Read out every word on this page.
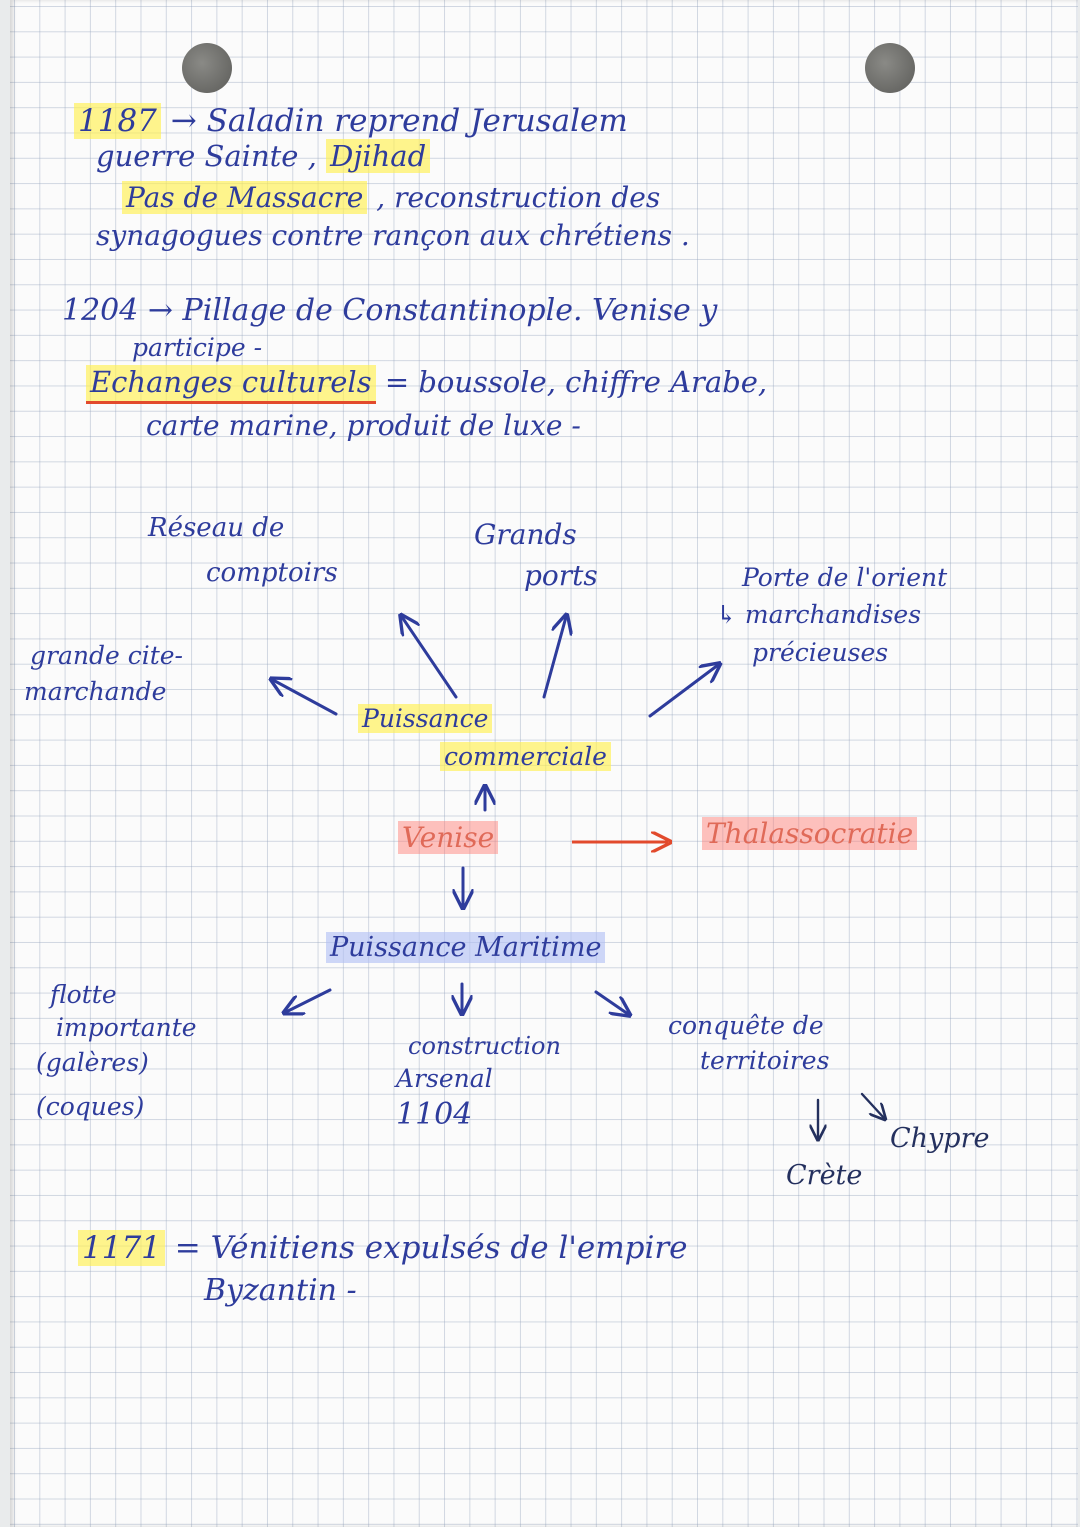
1187 → Saladin reprend Jerusalem
guerre Sainte , Djihad
Pas de Massacre , reconstruction des
synagogues contre rançon aux chrétiens .
1204 → Pillage de Constantinople. Venise y
participe -
Echanges culturels = boussole, chiffre Arabe,
carte marine, produit de luxe -
Réseau de
comptoirs
Grands
ports	Porte de l'orient
↳ marchandises
précieuses
grande cite-
marchande
Puissance
commerciale
Venise	Thalassocratie
Puissance Maritime
flotte
importante
(galères)
(coques)
construction
Arsenal
1104
conquête de
territoires
Chypre
Crète
1171 = Vénitiens expulsés de l'empire
Byzantin -
